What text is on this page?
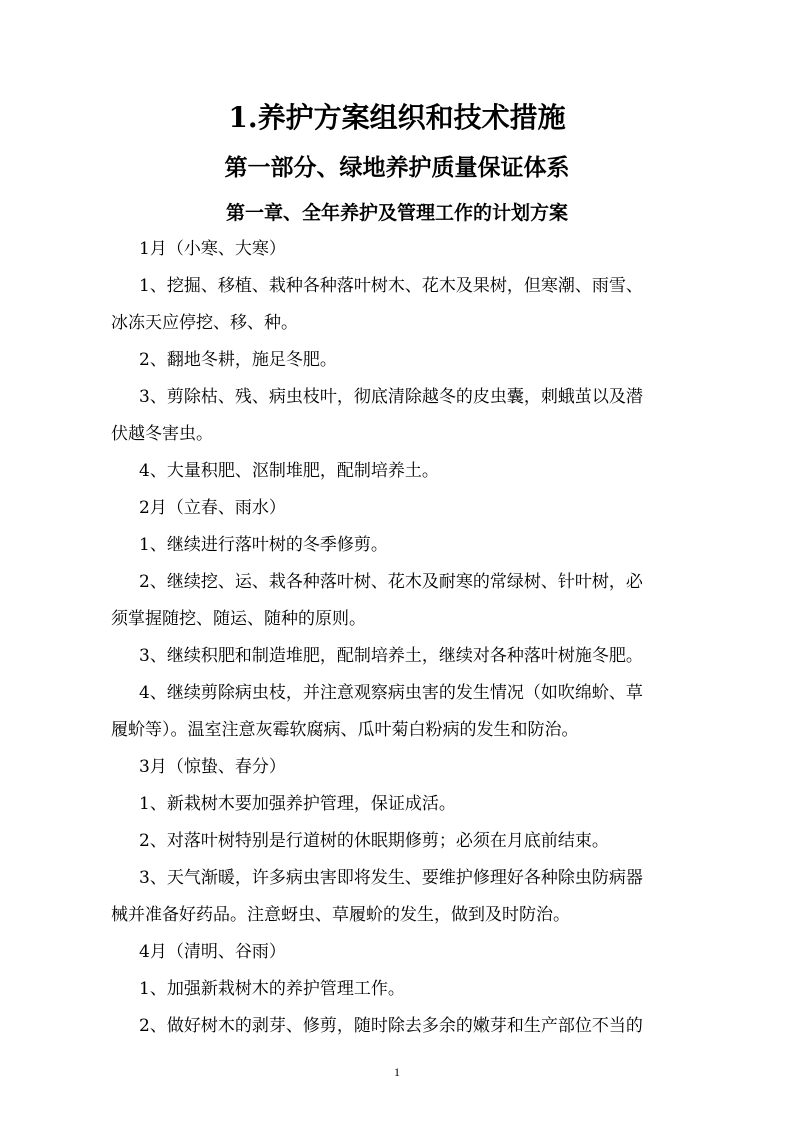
1.养护方案组织和技术措施
第一部分、绿地养护质量保证体系
第一章、全年养护及管理工作的计划方案

1月（小寒、大寒）

1、挖掘、移植、栽种各种落叶树木、花木及果树，但寒潮、雨雪、

冰冻天应停挖、移、种。

2、翻地冬耕，施足冬肥。

3、剪除枯、残、病虫枝叶，彻底清除越冬的皮虫囊，刺蛾茧以及潜

伏越冬害虫。

4、大量积肥、沤制堆肥，配制培养土。

2月（立春、雨水）

1、继续进行落叶树的冬季修剪。

2、继续挖、运、栽各种落叶树、花木及耐寒的常绿树、针叶树，必

须掌握随挖、随运、随种的原则。

3、继续积肥和制造堆肥，配制培养土，继续对各种落叶树施冬肥。

4、继续剪除病虫枝，并注意观察病虫害的发生情况（如吹绵蚧、草

履蚧等）。温室注意灰霉软腐病、瓜叶菊白粉病的发生和防治。

3月（惊蛰、春分）

1、新栽树木要加强养护管理，保证成活。

2、对落叶树特别是行道树的休眠期修剪；必须在月底前结束。

3、天气渐暖，许多病虫害即将发生、要维护修理好各种除虫防病器

械并准备好药品。注意蚜虫、草履蚧的发生，做到及时防治。

4月（清明、谷雨）

1、加强新栽树木的养护管理工作。

2、做好树木的剥芽、修剪，随时除去多余的嫩芽和生产部位不当的

1
